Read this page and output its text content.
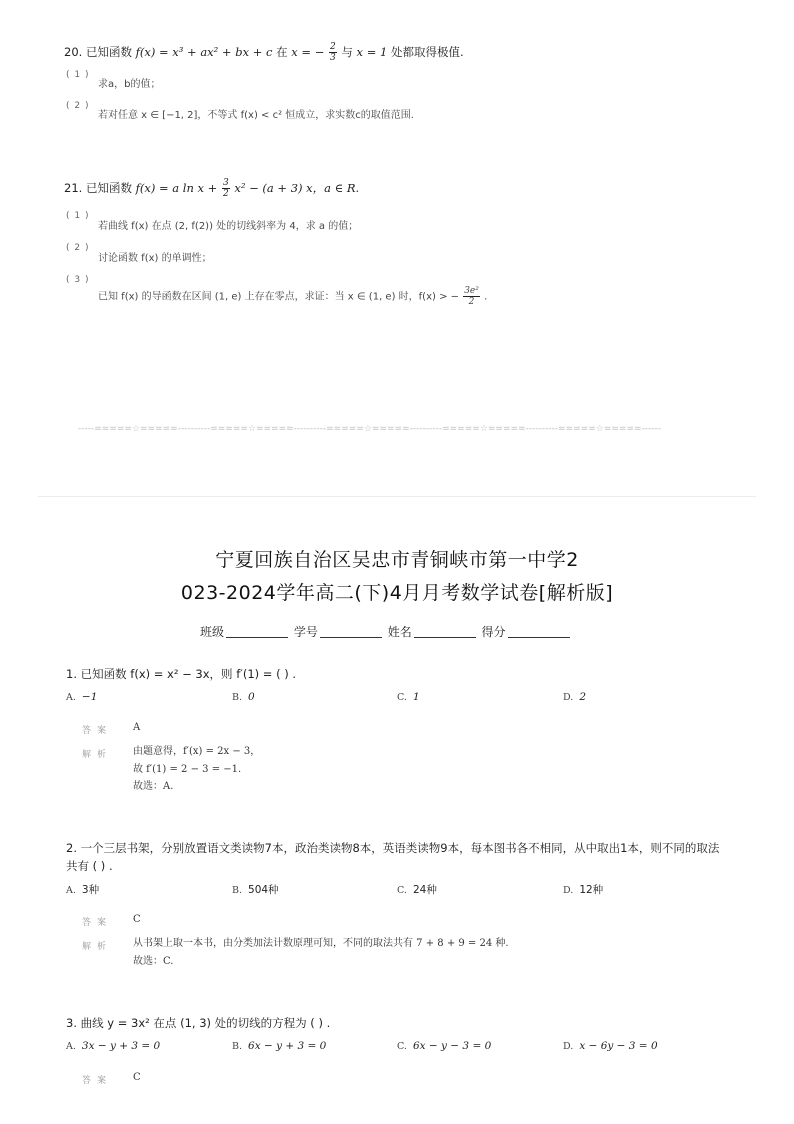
20. 已知函数 f(x) = x³ + ax² + bx + c 在 x = − $\frac{2}{3}$ 与 x = 1 处都取得极值.
( 1 )
求a，b的值；
( 2 )
若对任意 x ∈ [−1, 2]，不等式 f(x) < c² 恒成立，求实数c的取值范围.
21. 已知函数 f(x) = a $\ln x + \frac{3}{2} x^2 - (a + 3)$ x，a ∈ R.
( 1 )
若曲线 f(x) 在点 (2, f(2)) 处的切线斜率为 4，求 a 的值；
( 2 )
讨论函数 f(x) 的单调性；
( 3 )
已知 f(x) 的导函数在区间 (1, e) 上存在零点，求证：当 x ∈ (1, e) 时，f(x) > − $\frac{\text{3e²}}{2}$ .
-----=====☆=====----------=====☆=====----------=====☆=====----------=====☆=====----------=====☆=====------
宁夏回族自治区吴忠市青铜峡市第一中学2
023-2024学年高二(下)4月月考数学试卷[解析版]
班级	学号	姓名	得分
1. 已知函数 f(x) = x² − 3x，则 f′(1) = ( ) .
A. −1	B. 0	C. 1	D. 2
答案 A
解析 由题意得，f′(x) = 2x − 3，
故 f′(1) = 2 − 3 = −1.
故选：A.
2. 一个三层书架，分别放置语文类读物7本，政治类读物8本，英语类读物9本，每本图书各不相同，从中取出1本，则不同的取法
共有 ( ) .
A. 3种	B. 504种	C. 24种	D. 12种
答案 C
解析 从书架上取一本书，由分类加法计数原理可知，不同的取法共有 7 + 8 + 9 = 24 种.
故选：C.
3. 曲线 y = 3x² 在点 (1, 3) 处的切线的方程为 ( ) .
A. 3x − y + 3 = 0	B. 6x − y + 3 = 0	C. 6x − y − 3 = 0	D. x − 6y − 3 = 0
答案 C
